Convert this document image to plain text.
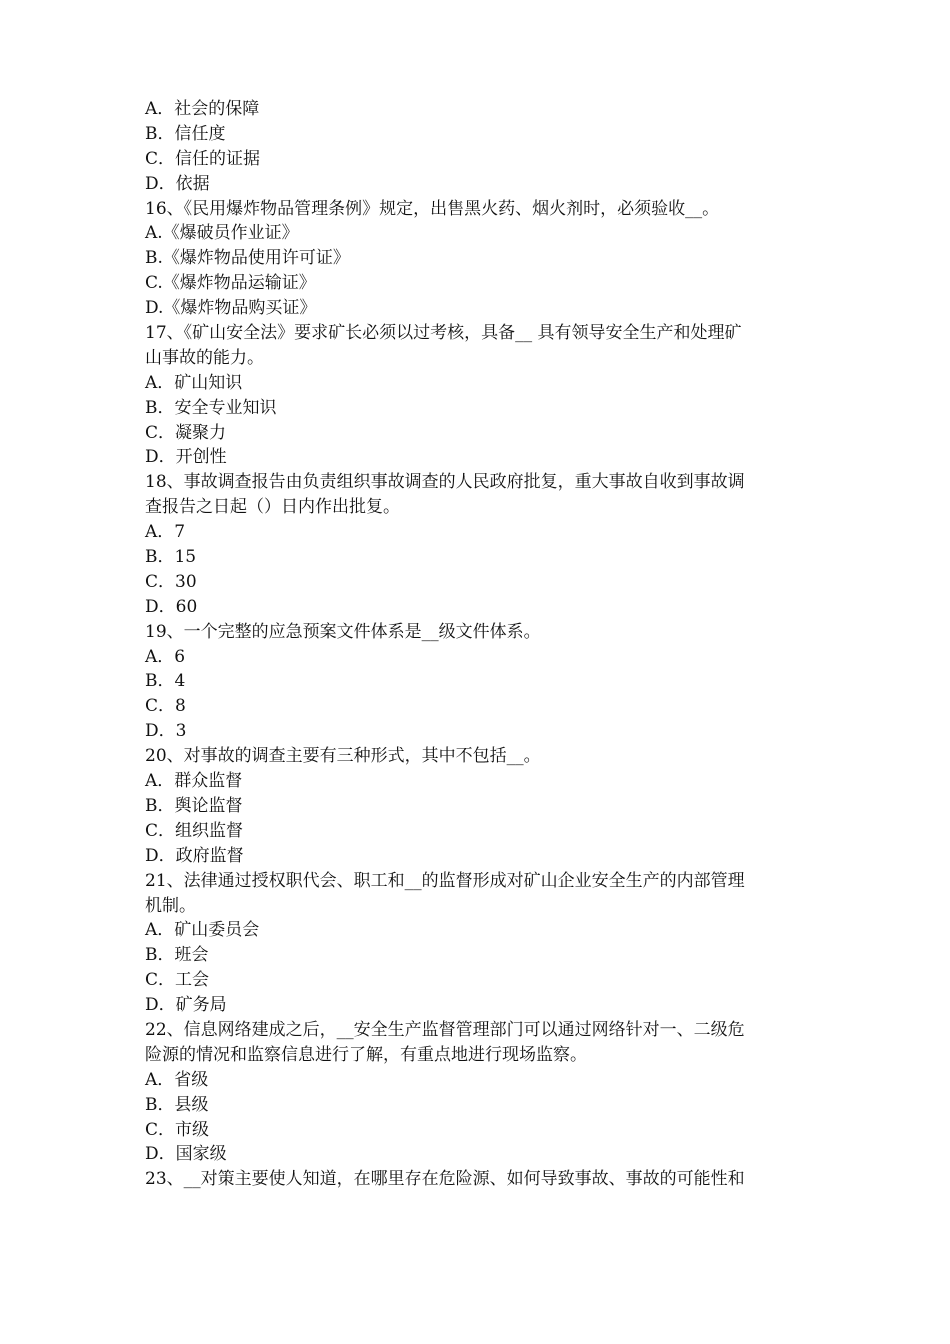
A．社会的保障
B．信任度
C．信任的证据
D．依据
16、《民用爆炸物品管理条例》规定，出售黑火药、烟火剂时，必须验收__。
A.《爆破员作业证》
B.《爆炸物品使用许可证》
C.《爆炸物品运输证》
D.《爆炸物品购买证》
17、《矿山安全法》要求矿长必须以过考核，具备__ 具有领导安全生产和处理矿
山事故的能力。
A．矿山知识
B．安全专业知识
C．凝聚力
D．开创性
18、事故调查报告由负责组织事故调查的人民政府批复，重大事故自收到事故调
查报告之日起（）日内作出批复。
A．7
B．15
C．30
D．60
19、一个完整的应急预案文件体系是__级文件体系。
A．6
B．4
C．8
D．3
20、对事故的调查主要有三种形式，其中不包括__。
A．群众监督
B．舆论监督
C．组织监督
D．政府监督
21、法律通过授权职代会、职工和__的监督形成对矿山企业安全生产的内部管理
机制。
A．矿山委员会
B．班会
C．工会
D．矿务局
22、信息网络建成之后，__安全生产监督管理部门可以通过网络针对一、二级危
险源的情况和监察信息进行了解，有重点地进行现场监察。
A．省级
B．县级
C．市级
D．国家级
23、__对策主要使人知道，在哪里存在危险源、如何导致事故、事故的可能性和
